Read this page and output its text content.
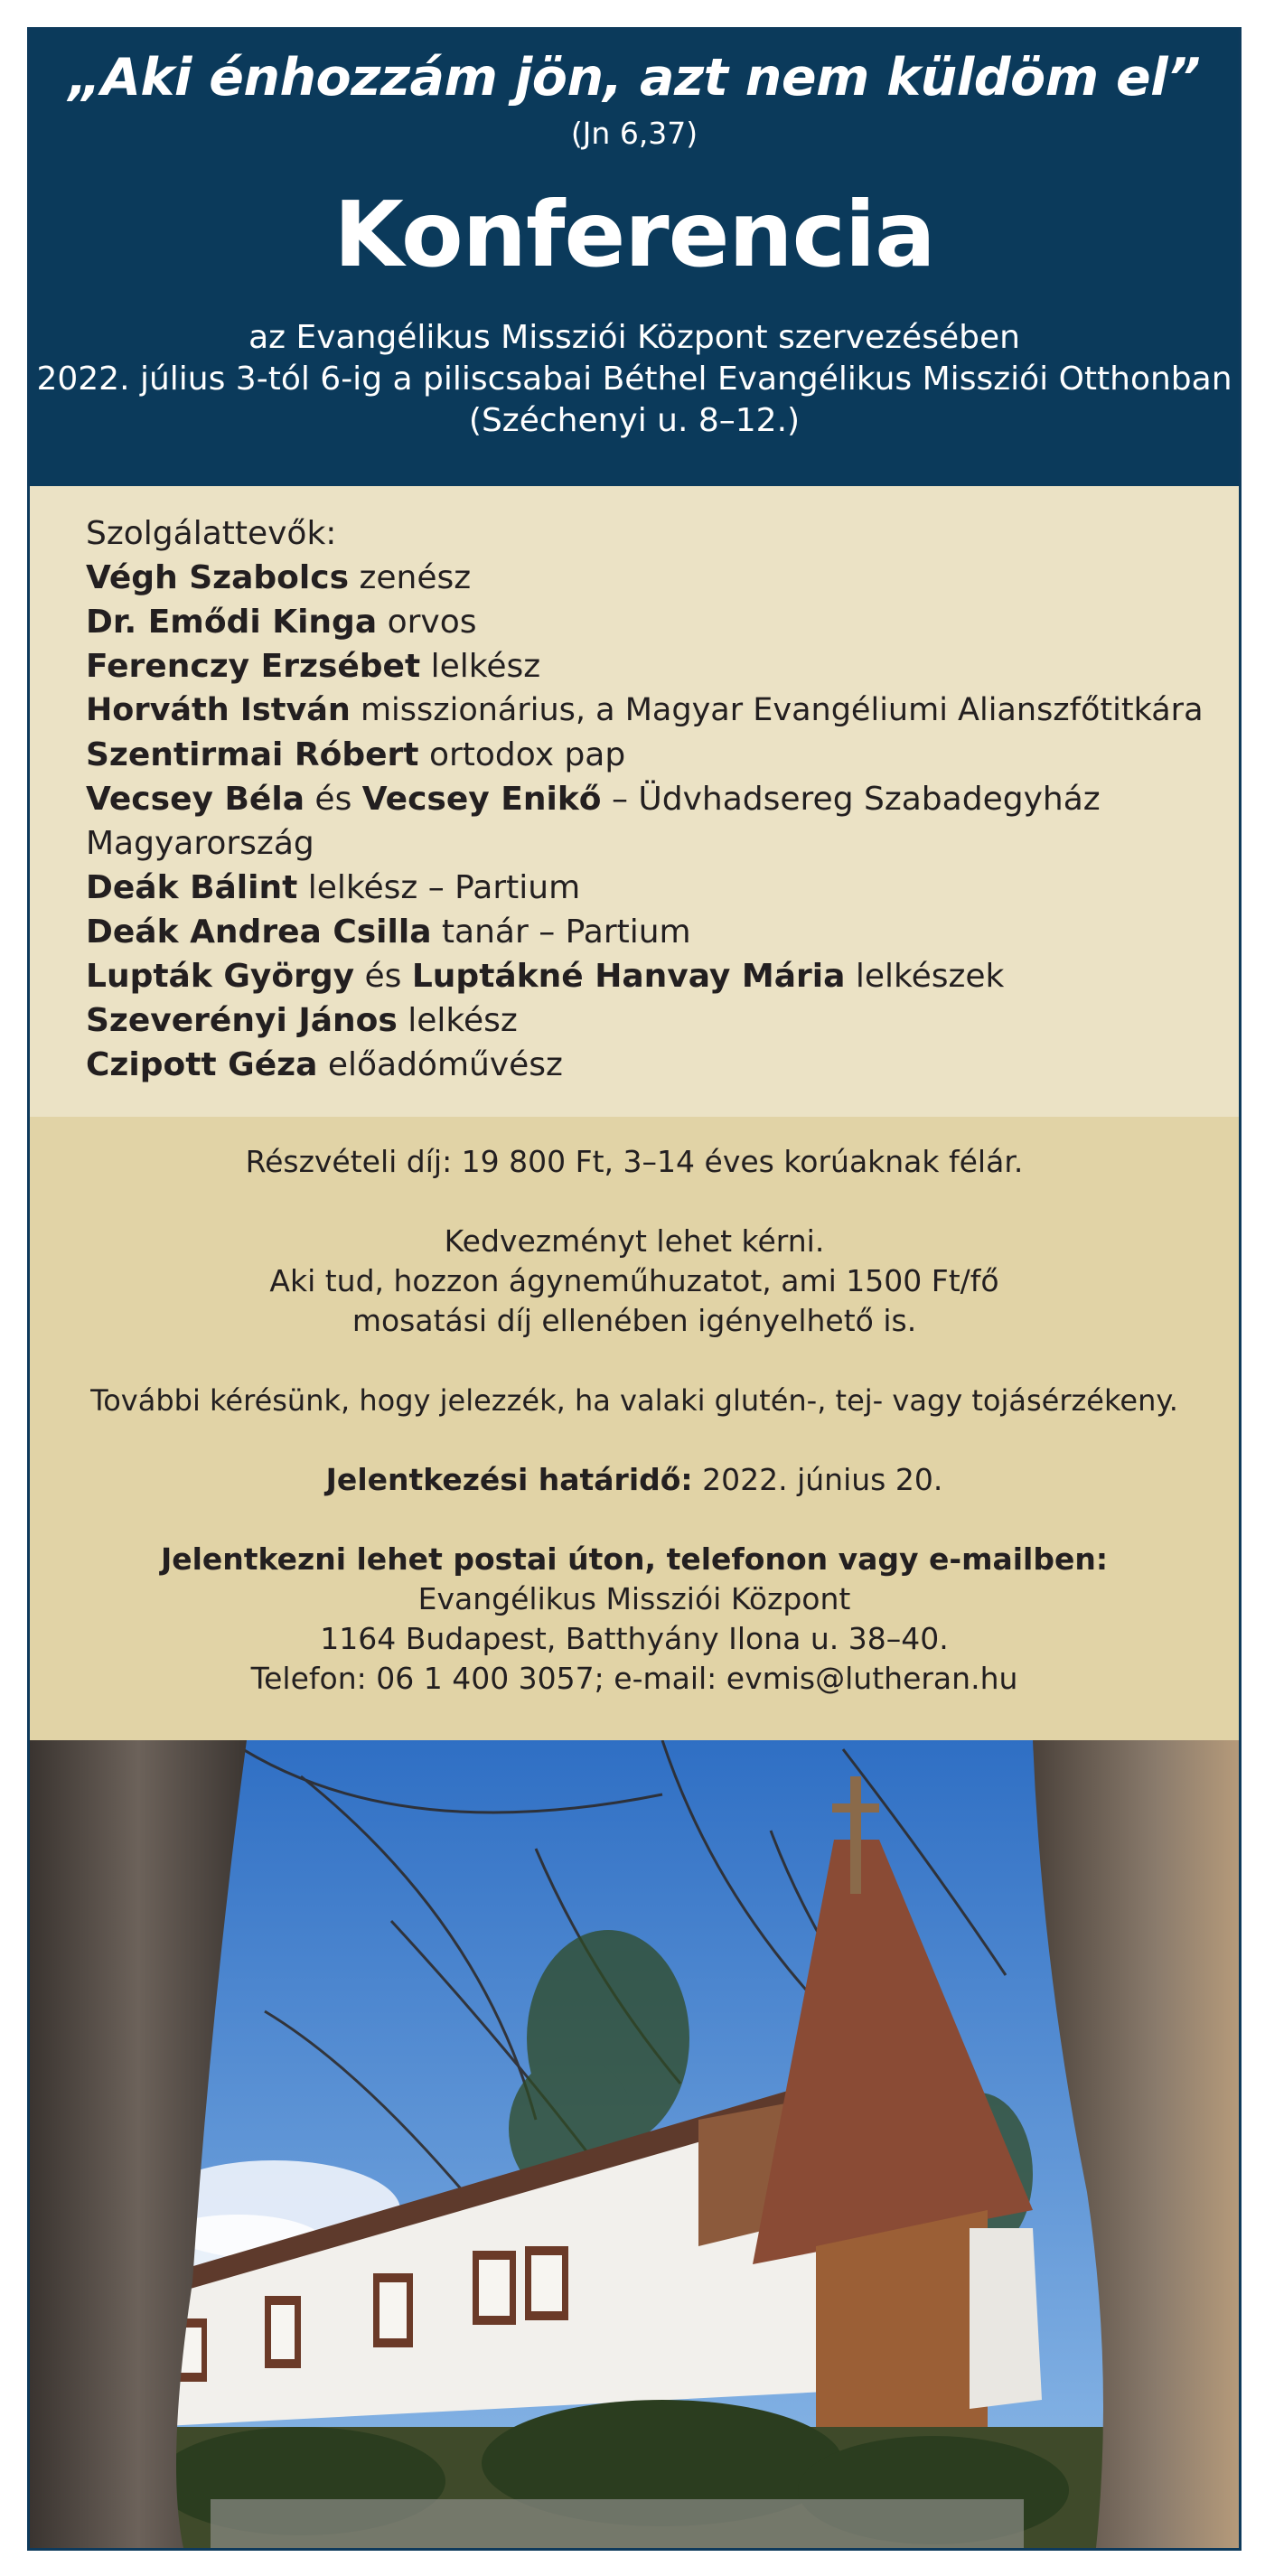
„Aki énhozzám jön, azt nem küldöm el”
(Jn 6,37)
Konferencia
az Evangélikus Missziói Központ szervezésében
2022. július 3-tól 6-ig a piliscsabai Béthel Evangélikus Missziói Otthonban
(Széchenyi u. 8–12.)
Szolgálattevők:
Végh Szabolcs zenész
Dr. Emődi Kinga orvos
Ferenczy Erzsébet lelkész
Horváth István misszionárius, a Magyar Evangéliumi Alianszfőtitkára
Szentirmai Róbert ortodox pap
Vecsey Béla és Vecsey Enikő – Üdvhadsereg Szabadegyház
Magyarország
Deák Bálint lelkész – Partium
Deák Andrea Csilla tanár – Partium
Lupták György és Luptákné Hanvay Mária lelkészek
Szeverényi János lelkész
Czipott Géza előadóművész
Részvételi díj: 19 800 Ft, 3–14 éves korúaknak félár.
Kedvezményt lehet kérni.
Aki tud, hozzon ágyneműhuzatot, ami 1500 Ft/fő
mosatási díj ellenében igényelhető is.
További kérésünk, hogy jelezzék, ha valaki glutén-, tej- vagy tojásérzékeny.
Jelentkezési határidő: 2022. június 20.
Jelentkezni lehet postai úton, telefonon vagy e-mailben:
Evangélikus Missziói Központ
1164 Budapest, Batthyány Ilona u. 38–40.
Telefon: 06 1 400 3057; e-mail: evmis@lutheran.hu
